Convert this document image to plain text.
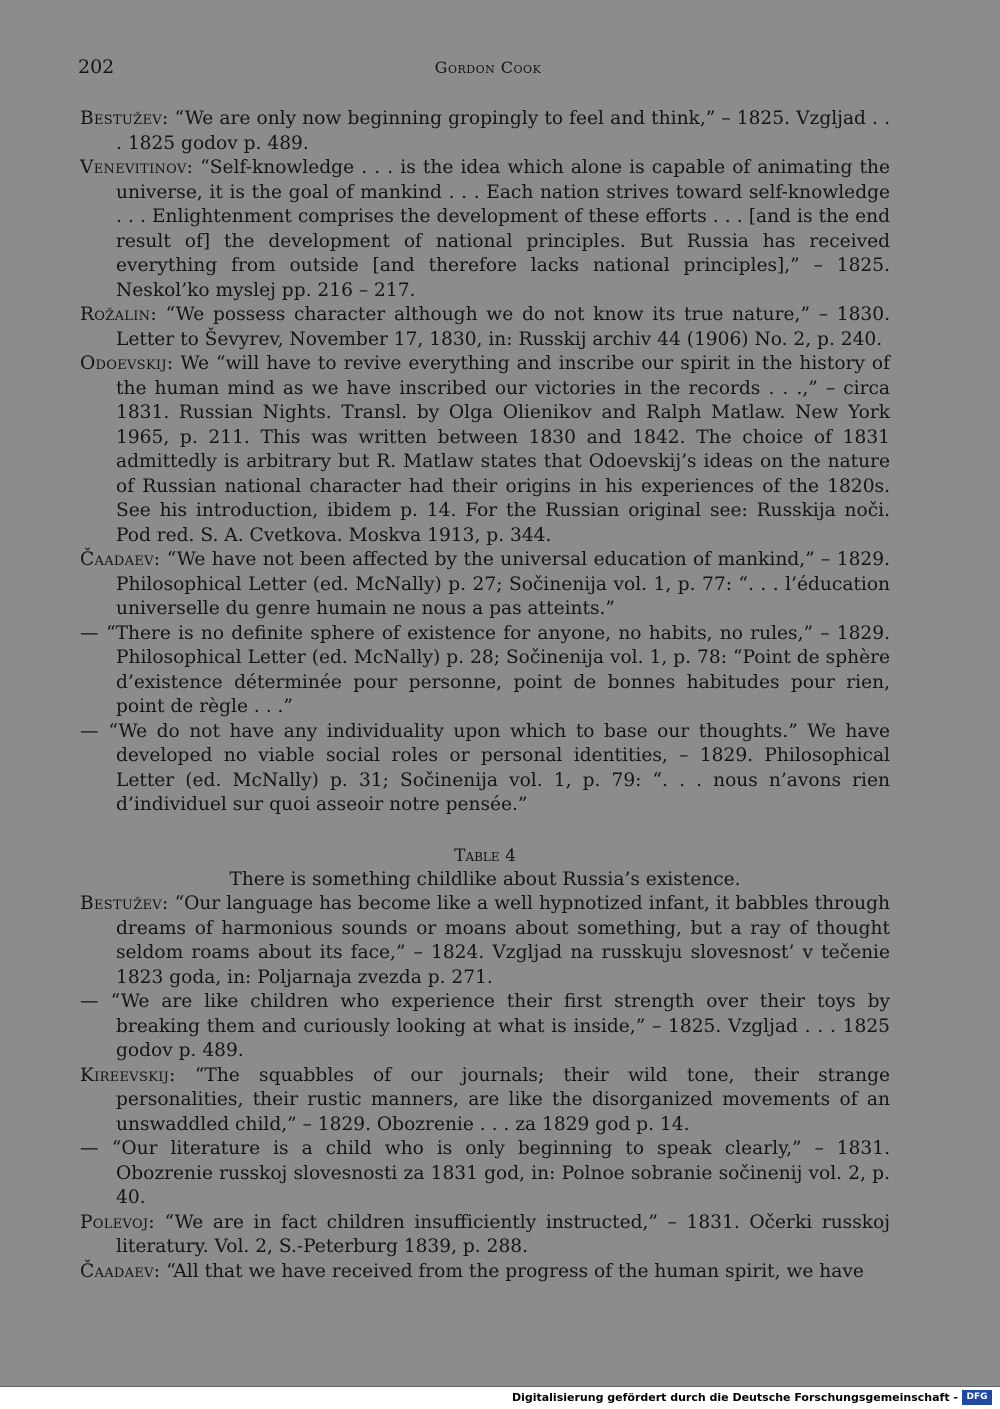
202	Gordon Cook

Bestužev: “We are only now beginning gropingly to feel and think,” – 1825. Vzgljad . . . 1825 godov p. 489.

Venevitinov: “Self-knowledge . . . is the idea which alone is capable of animating the universe, it is the goal of mankind . . . Each nation strives toward self-knowledge . . . Enlightenment comprises the development of these efforts . . . [and is the end result of] the development of national principles. But Russia has received everything from outside [and therefore lacks national principles],” – 1825. Neskol’ko myslej pp. 216 – 217.

Rožalin: “We possess character although we do not know its true nature,” – 1830. Letter to Ševyrev, November 17, 1830, in: Russkij archiv 44 (1906) No. 2, p. 240.

Odoevskij: We “will have to revive everything and inscribe our spirit in the history of the human mind as we have inscribed our victories in the records . . .,” – circa 1831. Russian Nights. Transl. by Olga Olienikov and Ralph Matlaw. New York 1965, p. 211. This was written between 1830 and 1842. The choice of 1831 admittedly is arbitrary but R. Matlaw states that Odoevskij’s ideas on the nature of Russian national character had their origins in his experiences of the 1820s. See his introduction, ibidem p. 14. For the Russian original see: Russkija noči. Pod red. S. A. Cvetkova. Moskva 1913, p. 344.

Čaadaev: “We have not been affected by the universal education of mankind,” – 1829. Philosophical Letter (ed. McNally) p. 27; Sočinenija vol. 1, p. 77: “. . . l’éducation universelle du genre humain ne nous a pas atteints.”

— “There is no definite sphere of existence for anyone, no habits, no rules,” – 1829. Philosophical Letter (ed. McNally) p. 28; Sočinenija vol. 1, p. 78: “Point de sphère d’existence déterminée pour personne, point de bonnes habitudes pour rien, point de règle . . .”

— “We do not have any individuality upon which to base our thoughts.” We have developed no viable social roles or personal identities, – 1829. Philosophical Letter (ed. McNally) p. 31; Sočinenija vol. 1, p. 79: “. . . nous n’avons rien d’individuel sur quoi asseoir notre pensée.”

Table 4

There is something childlike about Russia’s existence.

Bestužev: “Our language has become like a well hypnotized infant, it babbles through dreams of harmonious sounds or moans about something, but a ray of thought seldom roams about its face,” – 1824. Vzgljad na russkuju slovesnost’ v tečenie 1823 goda, in: Poljarnaja zvezda p. 271.

— “We are like children who experience their first strength over their toys by breaking them and curiously looking at what is inside,” – 1825. Vzgljad . . . 1825 godov p. 489.

Kireevskij: “The squabbles of our journals; their wild tone, their strange personalities, their rustic manners, are like the disorganized movements of an unswaddled child,” – 1829. Obozrenie . . . za 1829 god p. 14.

— “Our literature is a child who is only beginning to speak clearly,” – 1831. Obozrenie russkoj slovesnosti za 1831 god, in: Polnoe sobranie sočinenij vol. 2, p. 40.

Polevoj: “We are in fact children insufficiently instructed,” – 1831. Očerki russkoj literatury. Vol. 2, S.-Peterburg 1839, p. 288.

Čaadaev: “All that we have received from the progress of the human spirit, we have

Digitalisierung gefördert durch die Deutsche Forschungsgemeinschaft - DFG
